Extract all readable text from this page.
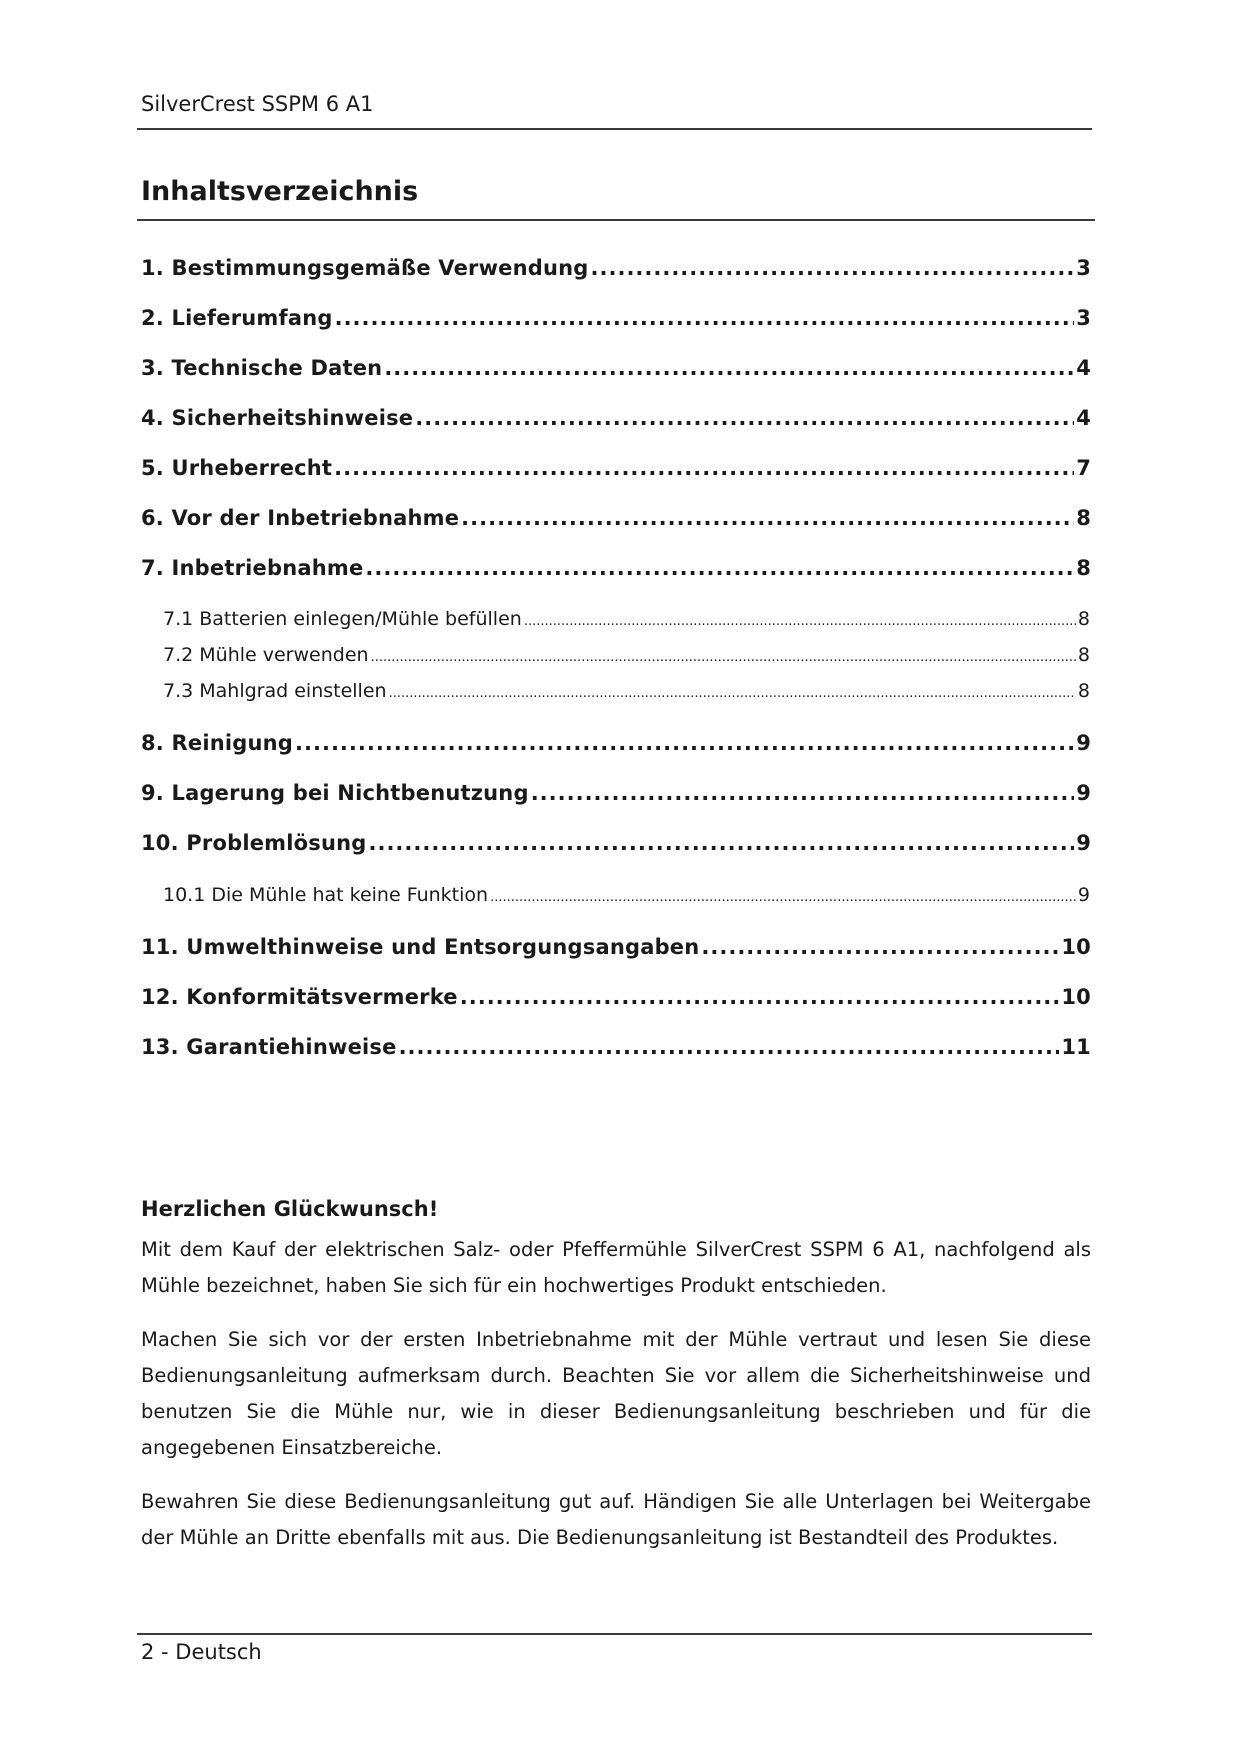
SilverCrest SSPM 6 A1
Inhaltsverzeichnis
1. Bestimmungsgemäße Verwendung .....	3
2. Lieferumfang .....	3
3. Technische Daten .....	4
4. Sicherheitshinweise .....	4
5. Urheberrecht .....	7
6. Vor der Inbetriebnahme .....	8
7. Inbetriebnahme .....	8
7.1 Batterien einlegen/Mühle befüllen .....	8
7.2 Mühle verwenden .....	8
7.3 Mahlgrad einstellen .....	8
8. Reinigung .....	9
9. Lagerung bei Nichtbenutzung .....	9
10. Problemlösung .....	9
10.1 Die Mühle hat keine Funktion .....	9
11. Umwelthinweise und Entsorgungsangaben .....	10
12. Konformitätsvermerke .....	10
13. Garantiehinweise .....	11
Herzlichen Glückwunsch!

Mit dem Kauf der elektrischen Salz- oder Pfeffermühle SilverCrest SSPM 6 A1, nachfolgend als Mühle bezeichnet, haben Sie sich für ein hochwertiges Produkt entschieden.

Machen Sie sich vor der ersten Inbetriebnahme mit der Mühle vertraut und lesen Sie diese Bedienungsanleitung aufmerksam durch. Beachten Sie vor allem die Sicherheitshinweise und benutzen Sie die Mühle nur, wie in dieser Bedienungsanleitung beschrieben und für die angegebenen Einsatzbereiche.

Bewahren Sie diese Bedienungsanleitung gut auf. Händigen Sie alle Unterlagen bei Weitergabe der Mühle an Dritte ebenfalls mit aus. Die Bedienungsanleitung ist Bestandteil des Produktes.

2 - Deutsch
